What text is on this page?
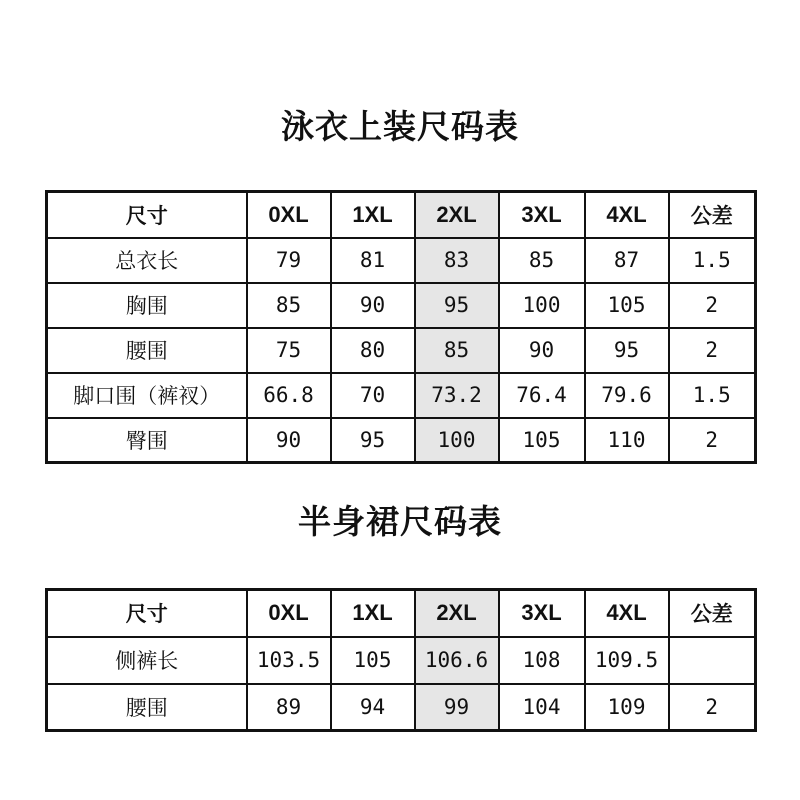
泳衣上装尺码表
尺寸	0XL	1XL	2XL	3XL	4XL	公差
总衣长	79	81	83	85	87	1.5
胸围	85	90	95	100	105	2
腰围	75	80	85	90	95	2
脚口围（裤衩）	66.8	70	73.2	76.4	79.6	1.5
臀围	90	95	100	105	110	2
半身裙尺码表
尺寸	0XL	1XL	2XL	3XL	4XL	公差
侧裤长	103.5	105	106.6	108	109.5	
腰围	89	94	99	104	109	2
